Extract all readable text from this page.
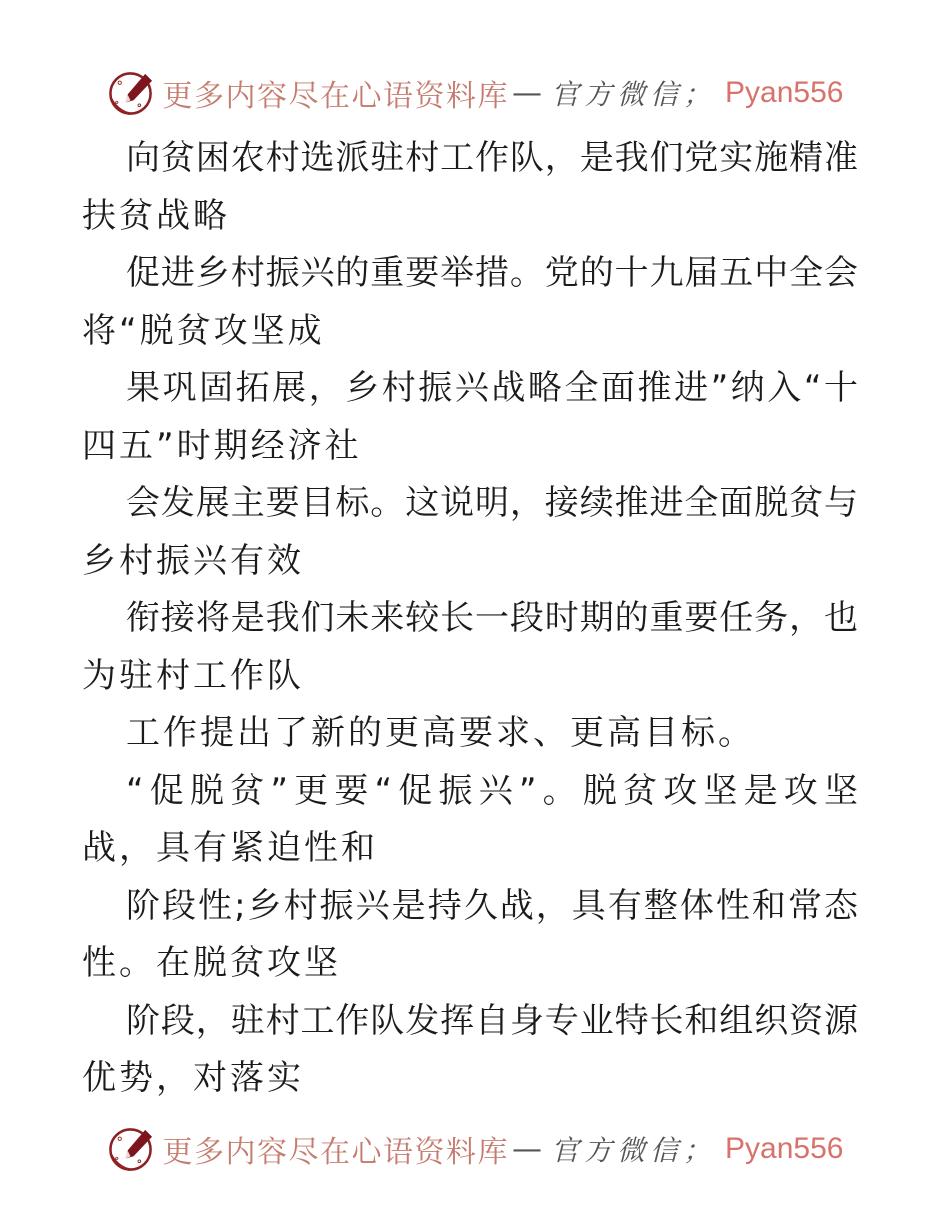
更多内容尽在心语资料库 — 官方微信； Pyan556
向贫困农村选派驻村工作队，是我们党实施精准
扶贫战略
促进乡村振兴的重要举措。党的十九届五中全会
将“脱贫攻坚成
果巩固拓展，乡村振兴战略全面推进”纳入“十
四五”时期经济社
会发展主要目标。这说明，接续推进全面脱贫与
乡村振兴有效
衔接将是我们未来较长一段时期的重要任务，也
为驻村工作队
工作提出了新的更高要求、更高目标。
“促脱贫”更要“促振兴”。脱贫攻坚是攻坚
战，具有紧迫性和
阶段性;乡村振兴是持久战，具有整体性和常态
性。在脱贫攻坚
阶段，驻村工作队发挥自身专业特长和组织资源
优势，对落实
更多内容尽在心语资料库 — 官方微信； Pyan556
